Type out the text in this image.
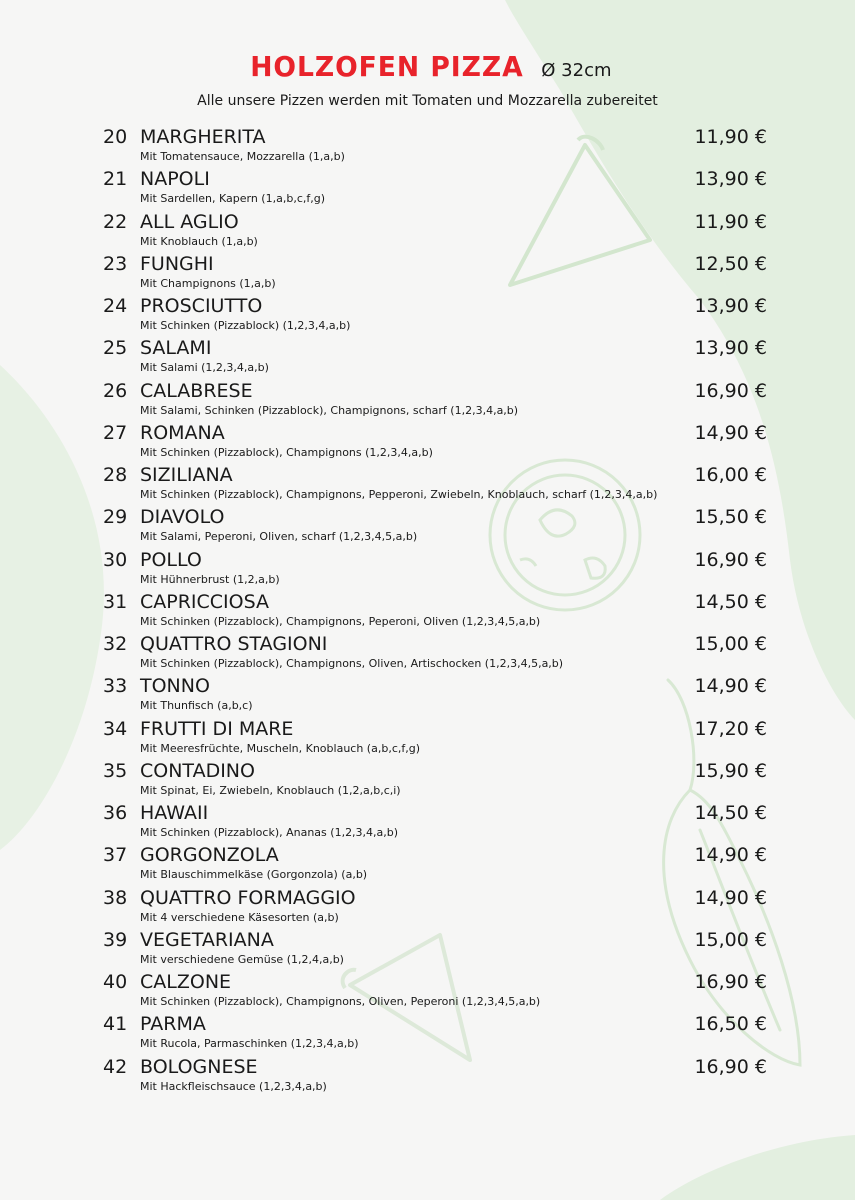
HOLZOFEN PIZZA Ø 32cm
Alle unsere Pizzen werden mit Tomaten und Mozzarella zubereitet
20 MARGHERITA
Mit Tomatensauce, Mozzarella (1,a,b)
11,90 €
21 NAPOLI
Mit Sardellen, Kapern (1,a,b,c,f,g)
13,90 €
22 ALL AGLIO
Mit Knoblauch (1,a,b)
11,90 €
23 FUNGHI
Mit Champignons (1,a,b)
12,50 €
24 PROSCIUTTO
Mit Schinken (Pizzablock) (1,2,3,4,a,b)
13,90 €
25 SALAMI
Mit Salami (1,2,3,4,a,b)
13,90 €
26 CALABRESE
Mit Salami, Schinken (Pizzablock), Champignons, scharf (1,2,3,4,a,b)
16,90 €
27 ROMANA
Mit Schinken (Pizzablock), Champignons (1,2,3,4,a,b)
14,90 €
28 SIZILIANA
Mit Schinken (Pizzablock), Champignons, Pepperoni, Zwiebeln, Knoblauch, scharf (1,2,3,4,a,b)
16,00 €
29 DIAVOLO
Mit Salami, Peperoni, Oliven, scharf (1,2,3,4,5,a,b)
15,50 €
30 POLLO
Mit Hühnerbrust (1,2,a,b)
16,90 €
31 CAPRICCIOSA
Mit Schinken (Pizzablock), Champignons, Peperoni, Oliven (1,2,3,4,5,a,b)
14,50 €
32 QUATTRO STAGIONI
Mit Schinken (Pizzablock), Champignons, Oliven, Artischocken (1,2,3,4,5,a,b)
15,00 €
33 TONNO
Mit Thunfisch (a,b,c)
14,90 €
34 FRUTTI DI MARE
Mit Meeresfrüchte, Muscheln, Knoblauch (a,b,c,f,g)
17,20 €
35 CONTADINO
Mit Spinat, Ei, Zwiebeln, Knoblauch (1,2,a,b,c,i)
15,90 €
36 HAWAII
Mit Schinken (Pizzablock), Ananas (1,2,3,4,a,b)
14,50 €
37 GORGONZOLA
Mit Blauschimmelkäse (Gorgonzola) (a,b)
14,90 €
38 QUATTRO FORMAGGIO
Mit 4 verschiedene Käsesorten (a,b)
14,90 €
39 VEGETARIANA
Mit verschiedene Gemüse (1,2,4,a,b)
15,00 €
40 CALZONE
Mit Schinken (Pizzablock), Champignons, Oliven, Peperoni (1,2,3,4,5,a,b)
16,90 €
41 PARMA
Mit Rucola, Parmaschinken (1,2,3,4,a,b)
16,50 €
42 BOLOGNESE
Mit Hackfleischsauce (1,2,3,4,a,b)
16,90 €
